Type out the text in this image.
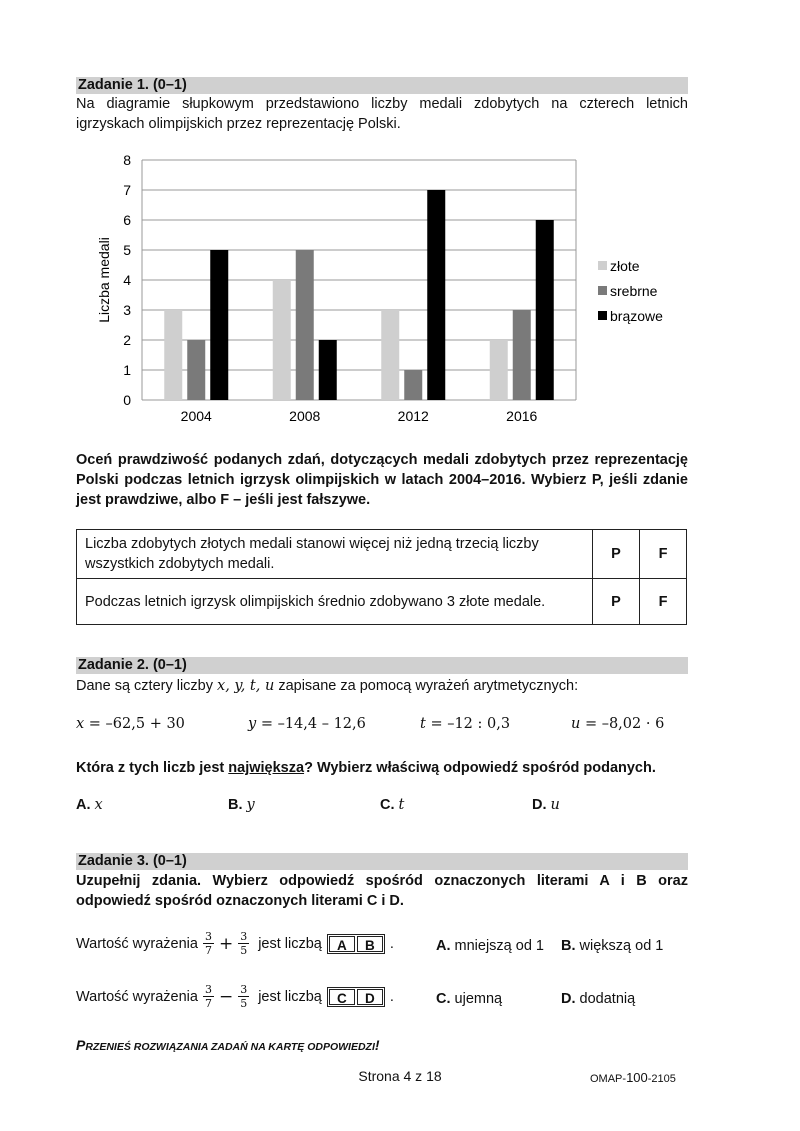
Zadanie 1. (0–1)
Na diagramie słupkowym przedstawiono liczby medali zdobytych na czterech letnich igrzyskach olimpijskich przez reprezentację Polski.
0
1
2
3
4
5
6
7
8
2004	2008	2012	2016
złote
srebrne
brązowe
Liczba medali
Oceń prawdziwość podanych zdań, dotyczących medali zdobytych przez reprezentację Polski podczas letnich igrzysk olimpijskich w latach 2004–2016. Wybierz P, jeśli zdanie jest prawdziwe, albo F – jeśli jest fałszywe.
Liczba zdobytych złotych medali stanowi więcej niż jedną trzecią liczby wszystkich zdobytych medali.	P	F
Podczas letnich igrzysk olimpijskich średnio zdobywano 3 złote medale.	P	F
Zadanie 2. (0–1)
Dane są cztery liczby x, y, t, u zapisane za pomocą wyrażeń arytmetycznych:
x = –62,5 + 30	y = –14,4 – 12,6	t = –12 : 0,3	u = –8,02 · 6
Która z tych liczb jest największa? Wybierz właściwą odpowiedź spośród podanych.
A. x	B. y	C. t	D. u
Zadanie 3. (0–1)
Uzupełnij zdania. Wybierz odpowiedź spośród oznaczonych literami A i B oraz odpowiedź spośród oznaczonych literami C i D.
Wartość wyrażenia $\frac{3}{7} + \frac{3}{5}$ jest liczbą	A	B	.	A. mniejszą od 1 B. większą od 1
Wartość wyrażenia $\frac{3}{7} - \frac{3}{5}$ jest liczbą	C	D	.	C. ujemną	D. dodatnią
PRZENIEŚ ROZWIĄZANIA ZADAŃ NA KARTĘ ODPOWIEDZI!
Strona 4 z 18	OMAP-100-2105
